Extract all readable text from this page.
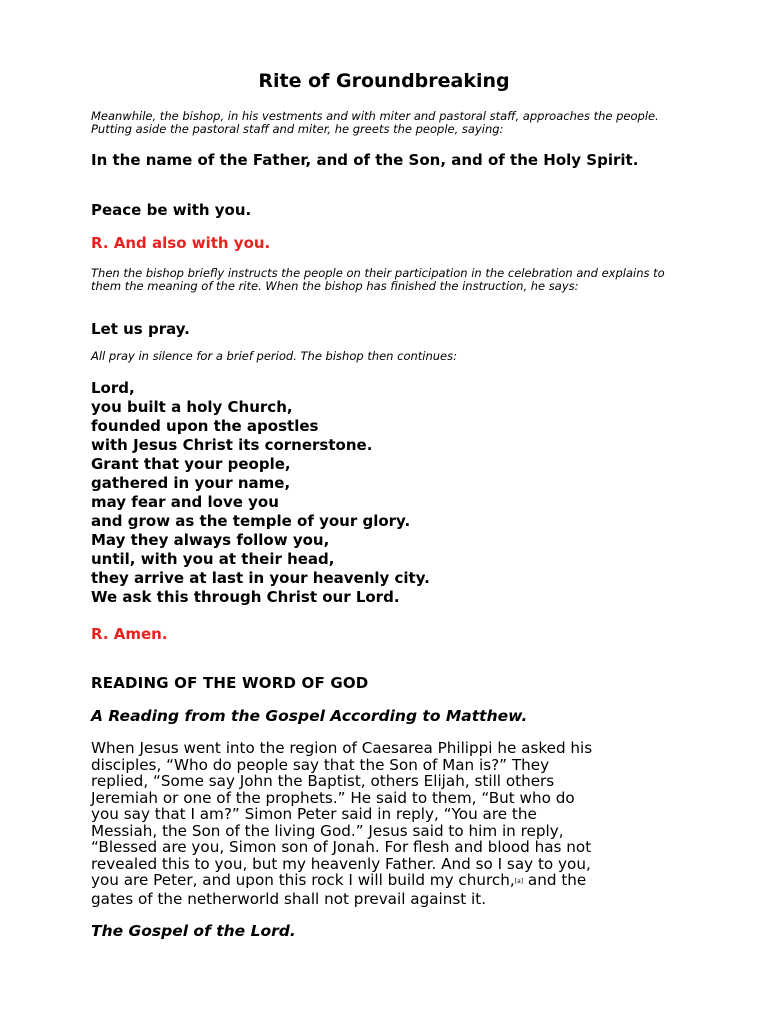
Rite of Groundbreaking
Meanwhile, the bishop, in his vestments and with miter and pastoral staff, approaches the people. Putting aside the pastoral staff and miter, he greets the people, saying:
In the name of the Father, and of the Son, and of the Holy Spirit.
Peace be with you.
R. And also with you.
Then the bishop briefly instructs the people on their participation in the celebration and explains to them the meaning of the rite. When the bishop has finished the instruction, he says:
Let us pray.
All pray in silence for a brief period. The bishop then continues:
Lord,
you built a holy Church,
founded upon the apostles
with Jesus Christ its cornerstone.
Grant that your people,
gathered in your name,
may fear and love you
and grow as the temple of your glory.
May they always follow you,
until, with you at their head,
they arrive at last in your heavenly city.
We ask this through Christ our Lord.
R. Amen.
READING OF THE WORD OF GOD
A Reading from the Gospel According to Matthew.
When Jesus went into the region of Caesarea Philippi he asked his
disciples, “Who do people say that the Son of Man is?” They
replied, “Some say John the Baptist, others Elijah, still others
Jeremiah or one of the prophets.” He said to them, “But who do
you say that I am?” Simon Peter said in reply, “You are the
Messiah, the Son of the living God.” Jesus said to him in reply,
“Blessed are you, Simon son of Jonah. For flesh and blood has not
revealed this to you, but my heavenly Father. And so I say to you,
you are Peter, and upon this rock I will build my church,[a] and the
gates of the netherworld shall not prevail against it.
The Gospel of the Lord.
